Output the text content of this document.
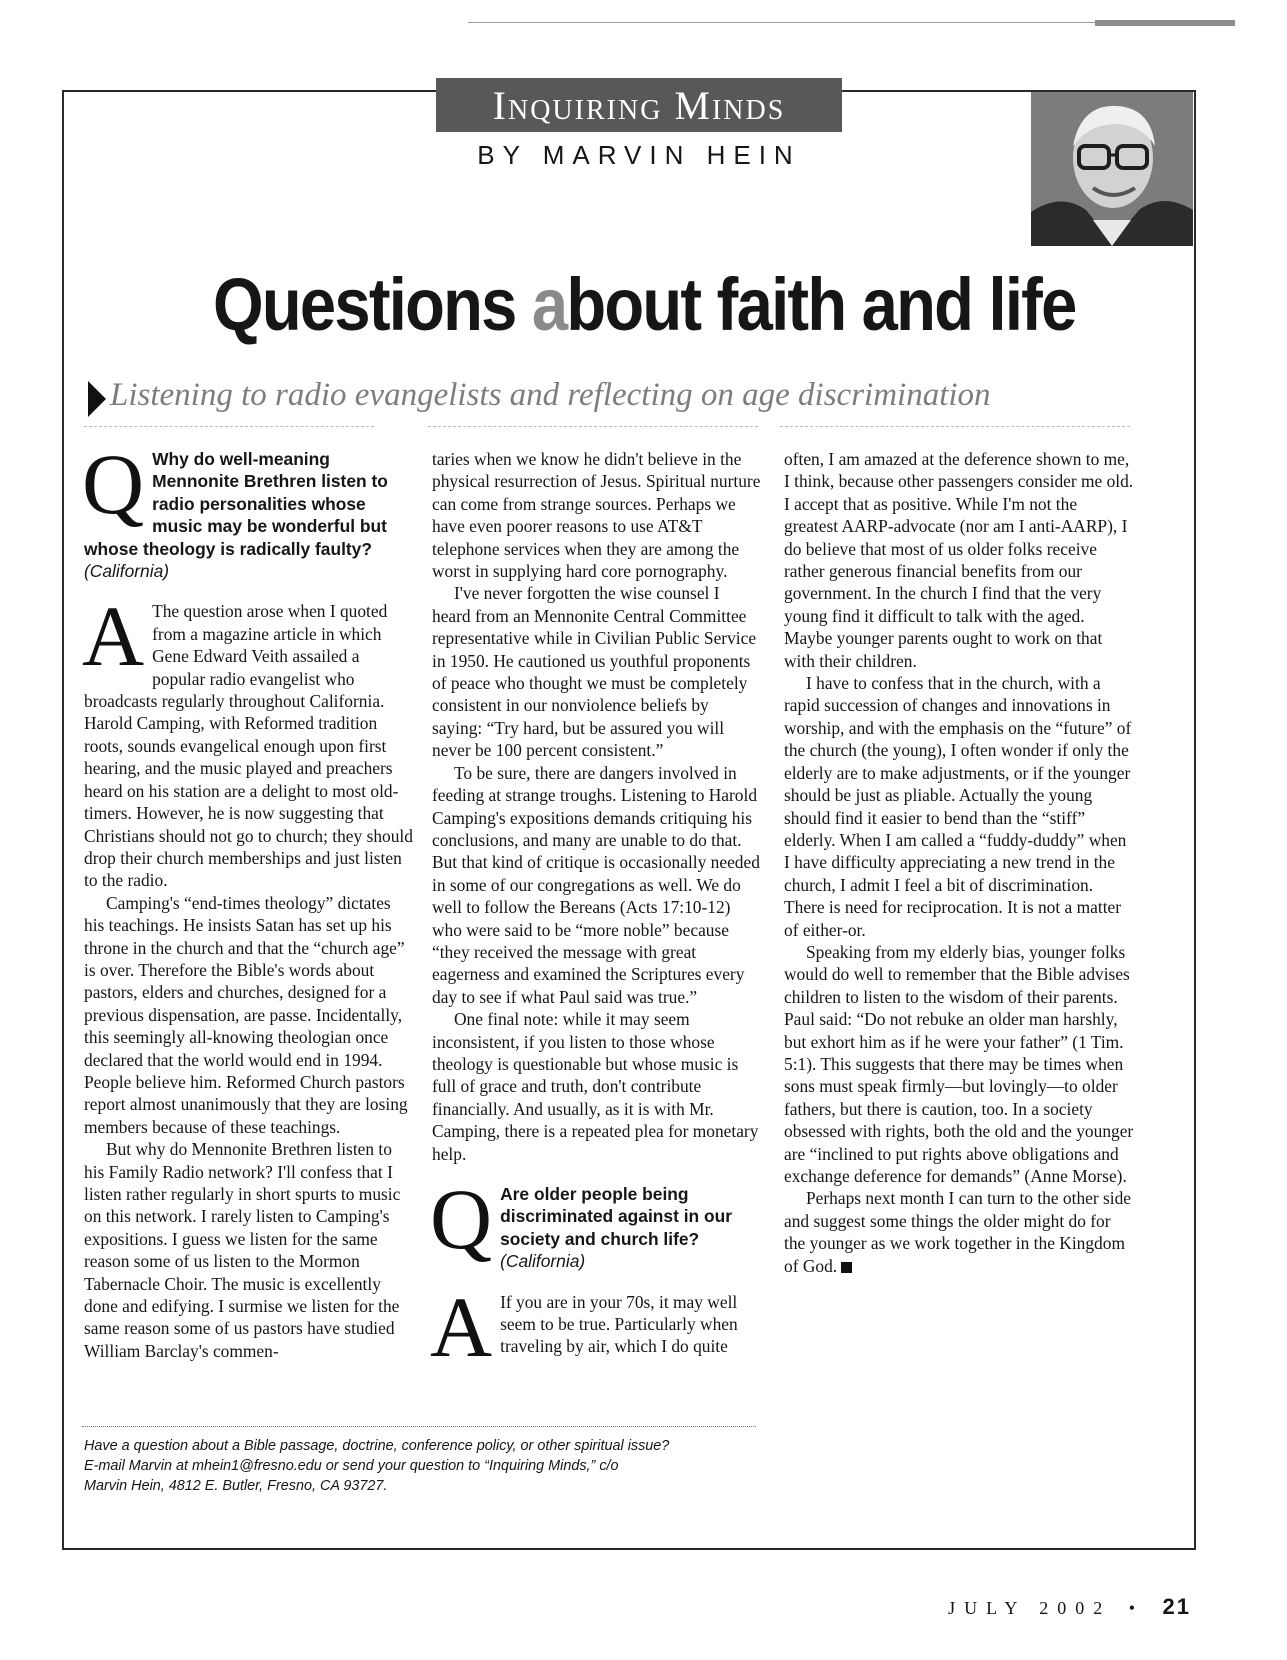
Inquiring Minds
BY MARVIN HEIN
Questions about faith and life
Listening to radio evangelists and reflecting on age discrimination
Q Why do well-meaning Mennonite Brethren listen to radio personalities whose music may be wonderful but whose theology is radically faulty? (California)

A The question arose when I quoted from a magazine article in which Gene Edward Veith assailed a popular radio evangelist who broadcasts regularly throughout California. Harold Camping, with Reformed tradition roots, sounds evangelical enough upon first hearing, and the music played and preachers heard on his station are a delight to most old-timers. However, he is now suggesting that Christians should not go to church; they should drop their church memberships and just listen to the radio.

Camping's “end-times theology” dictates his teachings. He insists Satan has set up his throne in the church and that the “church age” is over. Therefore the Bible's words about pastors, elders and churches, designed for a previous dispensation, are passe. Incidentally, this seemingly all-knowing theologian once declared that the world would end in 1994. People believe him. Reformed Church pastors report almost unanimously that they are losing members because of these teachings.

But why do Mennonite Brethren listen to his Family Radio network? I'll confess that I listen rather regularly in short spurts to music on this network. I rarely listen to Camping's expositions. I guess we listen for the same reason some of us listen to the Mormon Tabernacle Choir. The music is excellently done and edifying. I surmise we listen for the same reason some of us pastors have studied William Barclay's commen-

taries when we know he didn't believe in the physical resurrection of Jesus. Spiritual nurture can come from strange sources. Perhaps we have even poorer reasons to use AT&T telephone services when they are among the worst in supplying hard core pornography.

I've never forgotten the wise counsel I heard from an Mennonite Central Committee representative while in Civilian Public Service in 1950. He cautioned us youthful proponents of peace who thought we must be completely consistent in our nonviolence beliefs by saying: “Try hard, but be assured you will never be 100 percent consistent.”

To be sure, there are dangers involved in feeding at strange troughs. Listening to Harold Camping's expositions demands critiquing his conclusions, and many are unable to do that. But that kind of critique is occasionally needed in some of our congregations as well. We do well to follow the Bereans (Acts 17:10-12) who were said to be “more noble” because “they received the message with great eagerness and examined the Scriptures every day to see if what Paul said was true.”

One final note: while it may seem inconsistent, if you listen to those whose theology is questionable but whose music is full of grace and truth, don't contribute financially. And usually, as it is with Mr. Camping, there is a repeated plea for monetary help.

Q Are older people being discriminated against in our society and church life? (California)

A If you are in your 70s, it may well seem to be true. Particularly when traveling by air, which I do quite

often, I am amazed at the deference shown to me, I think, because other passengers consider me old. I accept that as positive. While I'm not the greatest AARP-advocate (nor am I anti-AARP), I do believe that most of us older folks receive rather generous financial benefits from our government. In the church I find that the very young find it difficult to talk with the aged. Maybe younger parents ought to work on that with their children.

I have to confess that in the church, with a rapid succession of changes and innovations in worship, and with the emphasis on the “future” of the church (the young), I often wonder if only the elderly are to make adjustments, or if the younger should be just as pliable. Actually the young should find it easier to bend than the “stiff” elderly. When I am called a “fuddy-duddy” when I have difficulty appreciating a new trend in the church, I admit I feel a bit of discrimination. There is need for reciprocation. It is not a matter of either-or.

Speaking from my elderly bias, younger folks would do well to remember that the Bible advises children to listen to the wisdom of their parents. Paul said: “Do not rebuke an older man harshly, but exhort him as if he were your father” (1 Tim. 5:1). This suggests that there may be times when sons must speak firmly—but lovingly—to older fathers, but there is caution, too. In a society obsessed with rights, both the old and the younger are “inclined to put rights above obligations and exchange deference for demands” (Anne Morse).

Perhaps next month I can turn to the other side and suggest some things the older might do for the younger as we work together in the Kingdom of God.

Have a question about a Bible passage, doctrine, conference policy, or other spiritual issue?
E-mail Marvin at mhein1@fresno.edu or send your question to “Inquiring Minds,” c/o
Marvin Hein, 4812 E. Butler, Fresno, CA 93727.

JULY 2002 • 21
